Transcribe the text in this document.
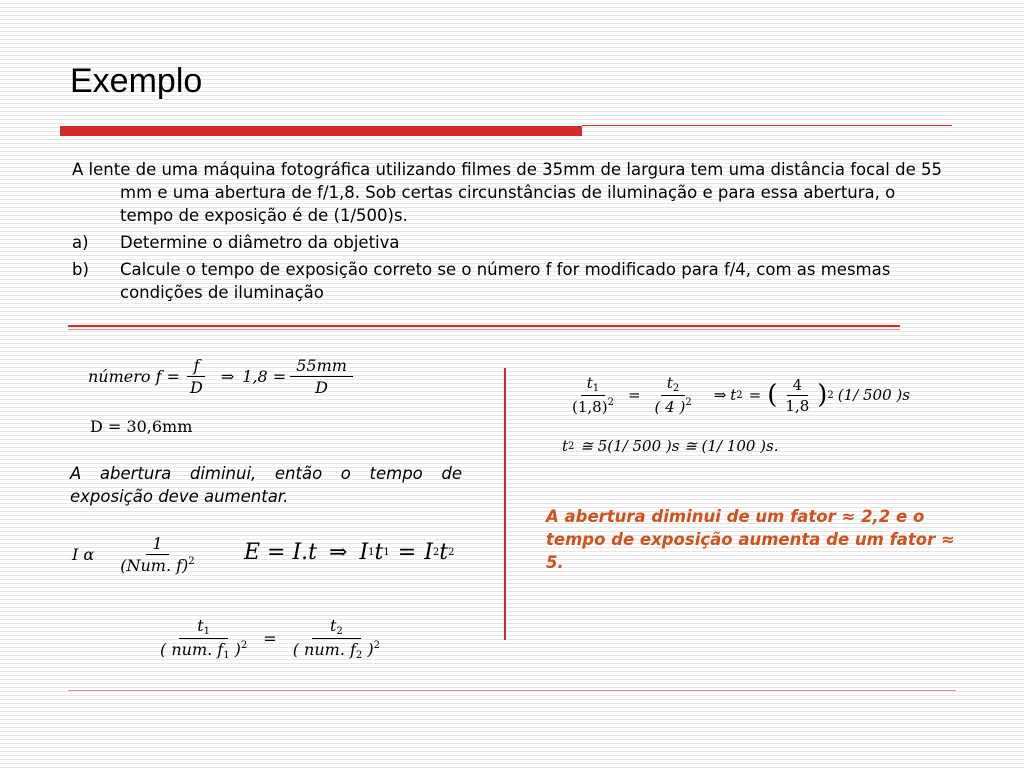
Exemplo

A lente de uma máquina fotográfica utilizando filmes de 35mm de largura tem uma distância focal de 55 mm e uma abertura de f/1,8. Sob certas circunstâncias de iluminação e para essa abertura, o tempo de exposição é de (1/500)s.

a)	Determine o diâmetro da objetiva
b)	Calcule o tempo de exposição correto se o número f for modificado para f/4, com as mesmas condições de iluminação
número $f = \frac{f}{D}$ ⇒ $1,8 = \frac{55mm}{D}$
D = 30,6mm
A abertura diminui, então o tempo de exposição deve aumentar.
I α $\frac{1}{(Num. f)^2}$ E = I.t ⇒ I 1 t 1 = I 2 t 2
$\frac{t_1}{( num. f_1 )^2} = \frac{t_2}{( num. f_2 )^2}$
$\frac{t_1}{(1,8)^2} = \frac{t_2}{( 4 )^2}$ ⇒ t 2 = ( $\frac{4}{1,8}$ ) 2 (1/ 500 )s
t 2 ≅ 5(1/ 500 )s ≅ (1/ 100 )s.
A abertura diminui de um fator ≈ 2,2 e o tempo de exposição aumenta de um fator ≈ 5.
